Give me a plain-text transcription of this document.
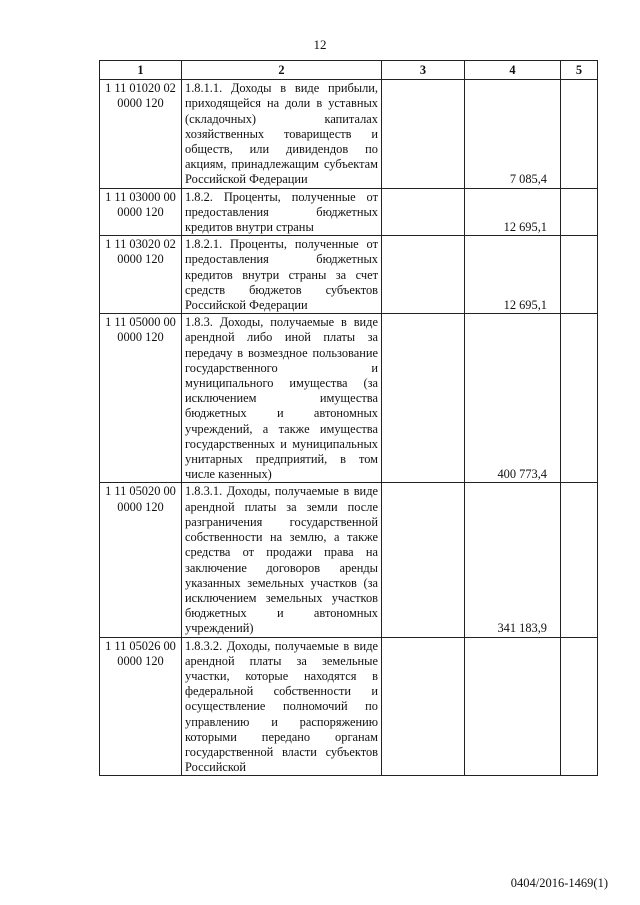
12
1	2	3	4	5
1 11 01020 02 0000 120	1.8.1.1. Доходы в виде прибыли, приходящейся на доли в уставных (складочных) капиталах хозяйственных товариществ и обществ, или дивидендов по акциям, принадлежащим субъектам Российской Федерации		7 085,4	
1 11 03000 00 0000 120	1.8.2. Проценты, полученные от предоставления бюджетных кредитов внутри страны		12 695,1	
1 11 03020 02 0000 120	1.8.2.1. Проценты, полученные от предоставления бюджетных кредитов внутри страны за счет средств бюджетов субъектов Российской Федерации		12 695,1	
1 11 05000 00 0000 120	1.8.3. Доходы, получаемые в виде арендной либо иной платы за передачу в возмездное пользование государственного и муниципального имущества (за исключением имущества бюджетных и автономных учреждений, а также имущества государственных и муниципальных унитарных предприятий, в том числе казенных)		400 773,4	
1 11 05020 00 0000 120	1.8.3.1. Доходы, получаемые в виде арендной платы за земли после разграничения государственной собственности на землю, а также средства от продажи права на заключение договоров аренды указанных земельных участков (за исключением земельных участков бюджетных и автономных учреждений)		341 183,9	
1 11 05026 00 0000 120	1.8.3.2. Доходы, получаемые в виде арендной платы за земельные участки, которые находятся в федеральной собственности и осуществление полномочий по управлению и распоряжению которыми передано органам государственной власти субъектов Российской			
0404/2016-1469(1)
